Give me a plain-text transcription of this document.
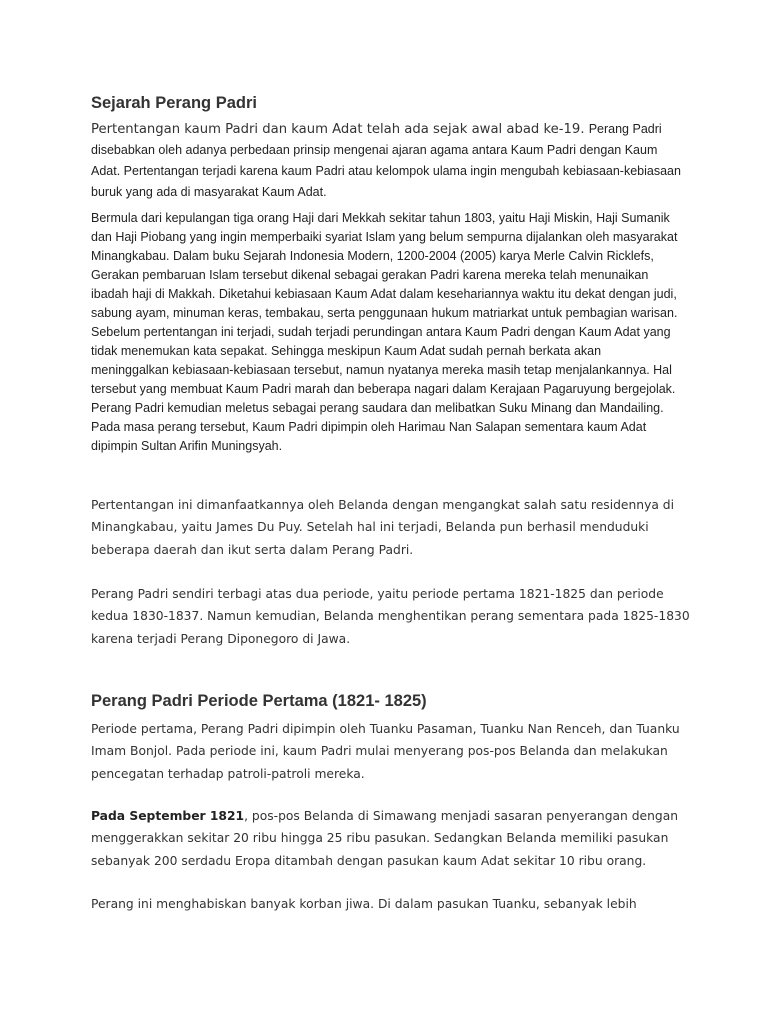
Sejarah Perang Padri

Pertentangan kaum Padri dan kaum Adat telah ada sejak awal abad ke-19. Perang Padri disebabkan oleh adanya perbedaan prinsip mengenai ajaran agama antara Kaum Padri dengan Kaum Adat. Pertentangan terjadi karena kaum Padri atau kelompok ulama ingin mengubah kebiasaan-kebiasaan buruk yang ada di masyarakat Kaum Adat.

Bermula dari kepulangan tiga orang Haji dari Mekkah sekitar tahun 1803, yaitu Haji Miskin, Haji Sumanik dan Haji Piobang yang ingin memperbaiki syariat Islam yang belum sempurna dijalankan oleh masyarakat Minangkabau. Dalam buku Sejarah Indonesia Modern, 1200-2004 (2005) karya Merle Calvin Ricklefs, Gerakan pembaruan Islam tersebut dikenal sebagai gerakan Padri karena mereka telah menunaikan ibadah haji di Makkah. Diketahui kebiasaan Kaum Adat dalam kesehariannya waktu itu dekat dengan judi, sabung ayam, minuman keras, tembakau, serta penggunaan hukum matriarkat untuk pembagian warisan. Sebelum pertentangan ini terjadi, sudah terjadi perundingan antara Kaum Padri dengan Kaum Adat yang tidak menemukan kata sepakat. Sehingga meskipun Kaum Adat sudah pernah berkata akan meninggalkan kebiasaan-kebiasaan tersebut, namun nyatanya mereka masih tetap menjalankannya. Hal tersebut yang membuat Kaum Padri marah dan beberapa nagari dalam Kerajaan Pagaruyung bergejolak. Perang Padri kemudian meletus sebagai perang saudara dan melibatkan Suku Minang dan Mandailing. Pada masa perang tersebut, Kaum Padri dipimpin oleh Harimau Nan Salapan sementara kaum Adat dipimpin Sultan Arifin Muningsyah.

Pertentangan ini dimanfaatkannya oleh Belanda dengan mengangkat salah satu residennya di Minangkabau, yaitu James Du Puy. Setelah hal ini terjadi, Belanda pun berhasil menduduki beberapa daerah dan ikut serta dalam Perang Padri.

Perang Padri sendiri terbagi atas dua periode, yaitu periode pertama 1821-1825 dan periode kedua 1830-1837. Namun kemudian, Belanda menghentikan perang sementara pada 1825-1830 karena terjadi Perang Diponegoro di Jawa.

Perang Padri Periode Pertama (1821- 1825)

Periode pertama, Perang Padri dipimpin oleh Tuanku Pasaman, Tuanku Nan Renceh, dan Tuanku Imam Bonjol. Pada periode ini, kaum Padri mulai menyerang pos-pos Belanda dan melakukan pencegatan terhadap patroli-patroli mereka.

Pada September 1821, pos-pos Belanda di Simawang menjadi sasaran penyerangan dengan menggerakkan sekitar 20 ribu hingga 25 ribu pasukan. Sedangkan Belanda memiliki pasukan sebanyak 200 serdadu Eropa ditambah dengan pasukan kaum Adat sekitar 10 ribu orang.

Perang ini menghabiskan banyak korban jiwa. Di dalam pasukan Tuanku, sebanyak lebih
